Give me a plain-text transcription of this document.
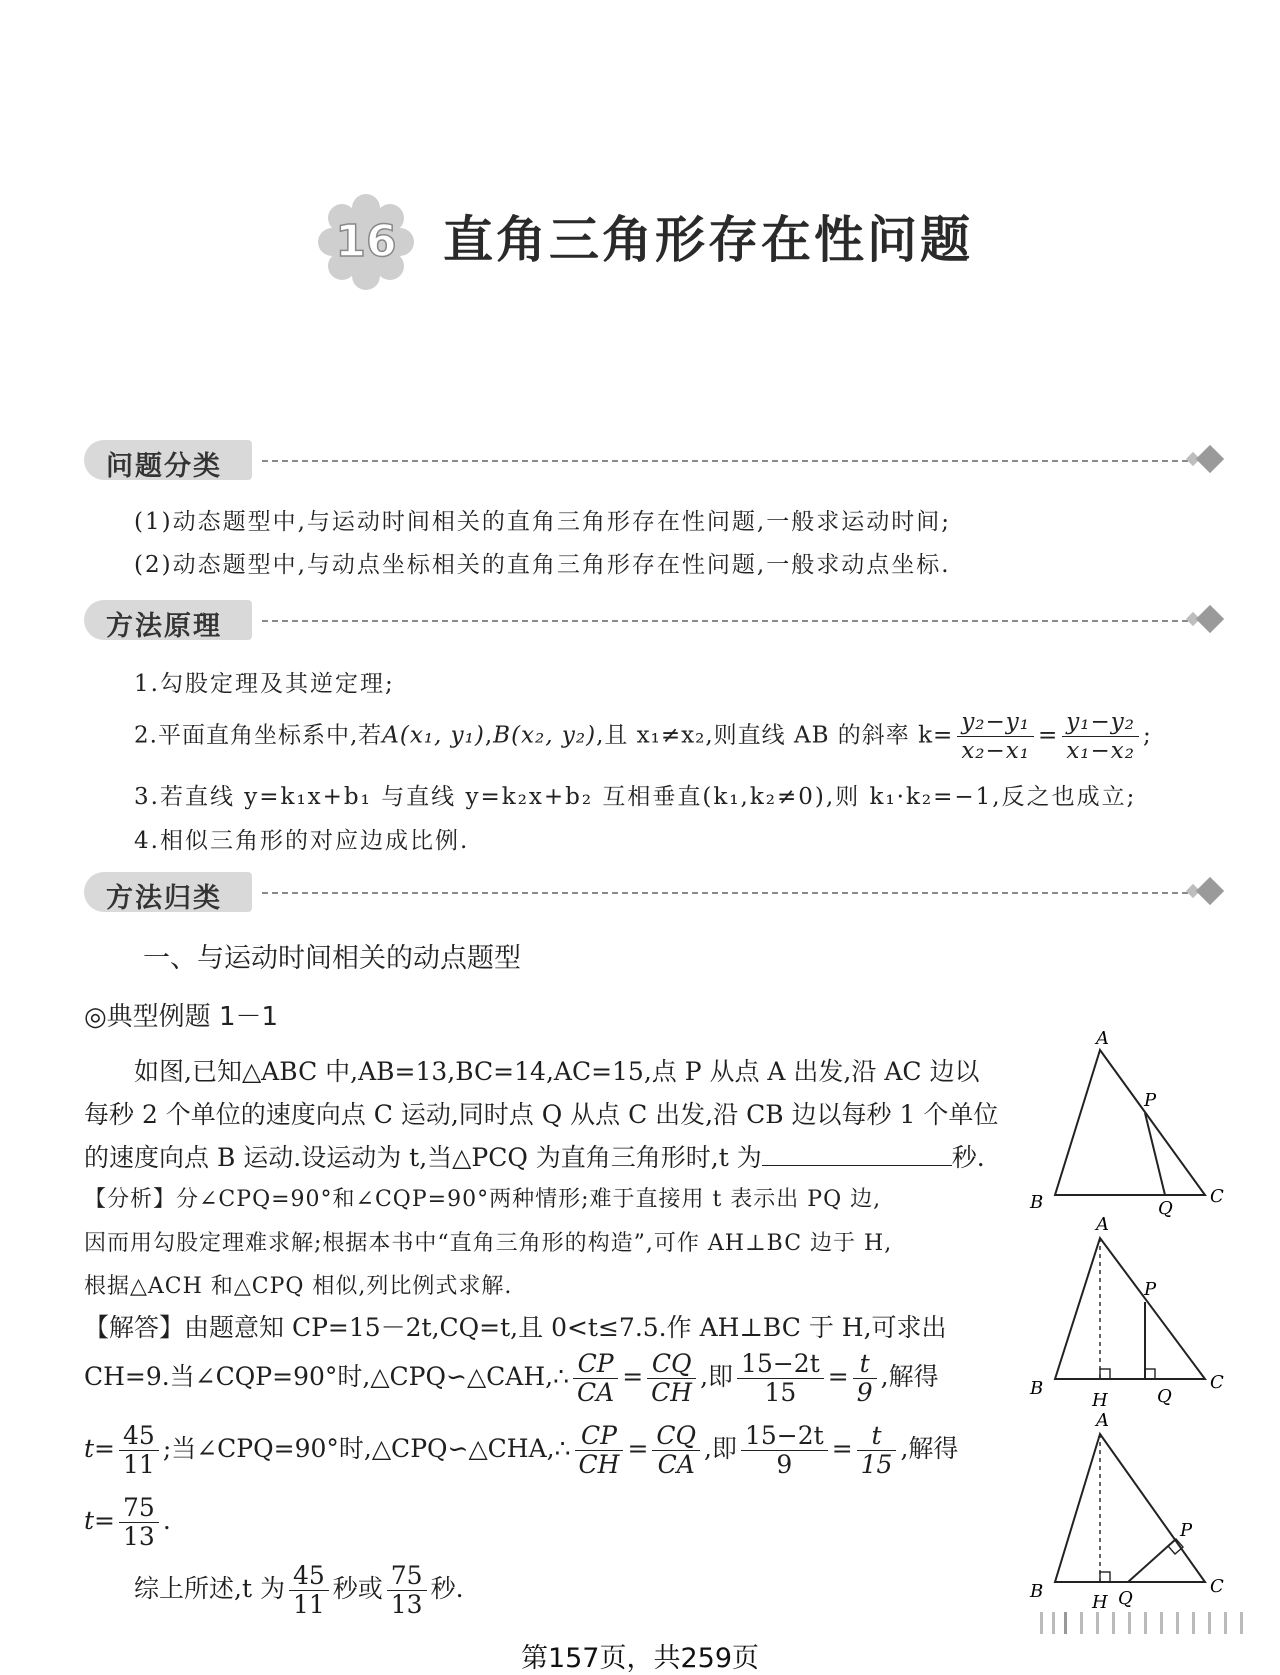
16 直角三角形存在性问题
问题分类
(1)动态题型中,与运动时间相关的直角三角形存在性问题,一般求运动时间;
(2)动态题型中,与动点坐标相关的直角三角形存在性问题,一般求动点坐标.
方法原理
1.勾股定理及其逆定理;
2.平面直角坐标系中,若A(x₁, y₁),B(x₂, y₂),且 x₁≠x₂,则直线 AB 的斜率 $k= \frac{\text{y₂−y₁}}{\text{x₂−x₁}} = \frac{\text{y₁−y₂}}{\text{x₁−x₂}}$ ;
3.若直线 y=k₁x+b₁ 与直线 y=k₂x+b₂ 互相垂直(k₁,k₂≠0),则 k₁·k₂=−1,反之也成立;
4.相似三角形的对应边成比例.
方法归类
一、与运动时间相关的动点题型
◎典型例题 1－1
如图,已知△ABC 中,AB=13,BC=14,AC=15,点 P 从点 A 出发,沿 AC 边以
每秒 2 个单位的速度向点 C 运动,同时点 Q 从点 C 出发,沿 CB 边以每秒 1 个单位
的速度向点 B 运动.设运动为 t,当△PCQ 为直角三角形时,t 为	秒.
【分析】分∠CPQ=90°和∠CQP=90°两种情形;难于直接用 t 表示出 PQ 边,
因而用勾股定理难求解;根据本书中“直角三角形的构造”,可作 AH⊥BC 边于 H,
根据△ACH 和△CPQ 相似,列比例式求解.
【解答】由题意知 CP=15－2t,CQ=t,且 0<t≤7.5.作 AH⊥BC 于 H,可求出
CH=9.当∠CQP=90°时,△CPQ∽△CAH,∴ $\frac{CP}{CA} = \frac{CQ}{CH}$ ,即 $\frac{15-2t}{15} = \frac{t}{9}$ ,解得
$t= \frac{45}{11}$ ;当∠CPQ=90°时,△CPQ∽△CHA,∴ $\frac{CP}{CH} = \frac{CQ}{CA}$ ,即 $\frac{15-2t}{9} = \frac{t}{15}$ ,解得
$t= \frac{75}{13}$ .
综上所述,t 为 $\frac{45}{11}$ 秒或 $\frac{75}{13}$ 秒.
A
B	C
P
Q
A
B	C
P
Q
H
A
B	C
P
Q
H
第157页，共259页
